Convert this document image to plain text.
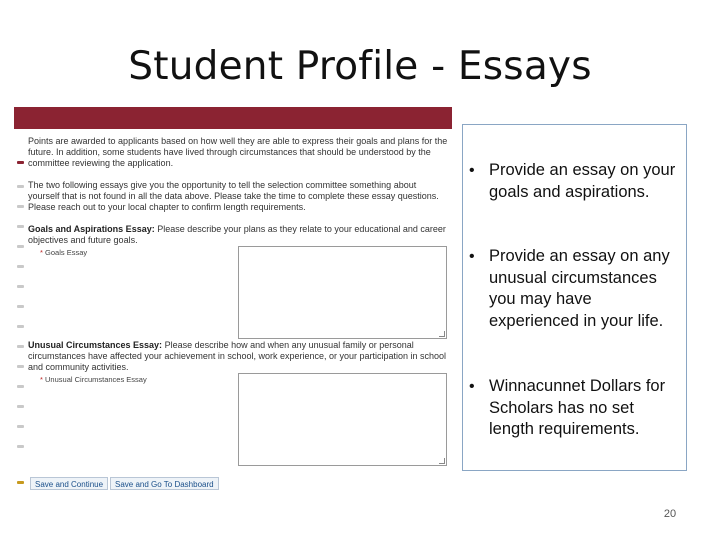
Student Profile - Essays
Points are awarded to applicants based on how well they are able to express their goals and plans for the future. In addition, some students have lived through circumstances that should be understood by the committee reviewing the application.
The two following essays give you the opportunity to tell the selection committee something about yourself that is not found in all the data above. Please take the time to complete these essay questions. Please reach out to your local chapter to confirm length requirements.
Goals and Aspirations Essay: Please describe your plans as they relate to your educational and career objectives and future goals.
* Goals Essay
Unusual Circumstances Essay: Please describe how and when any unusual family or personal circumstances have affected your achievement in school, work experience, or your participation in school and community activities.
* Unusual Circumstances Essay
Save and Continue	Save and Go To Dashboard
• Provide an essay on your goals and aspirations.
• Provide an essay on any unusual circumstances you may have experienced in your life.
• Winnacunnet Dollars for Scholars has no set length requirements.
20
